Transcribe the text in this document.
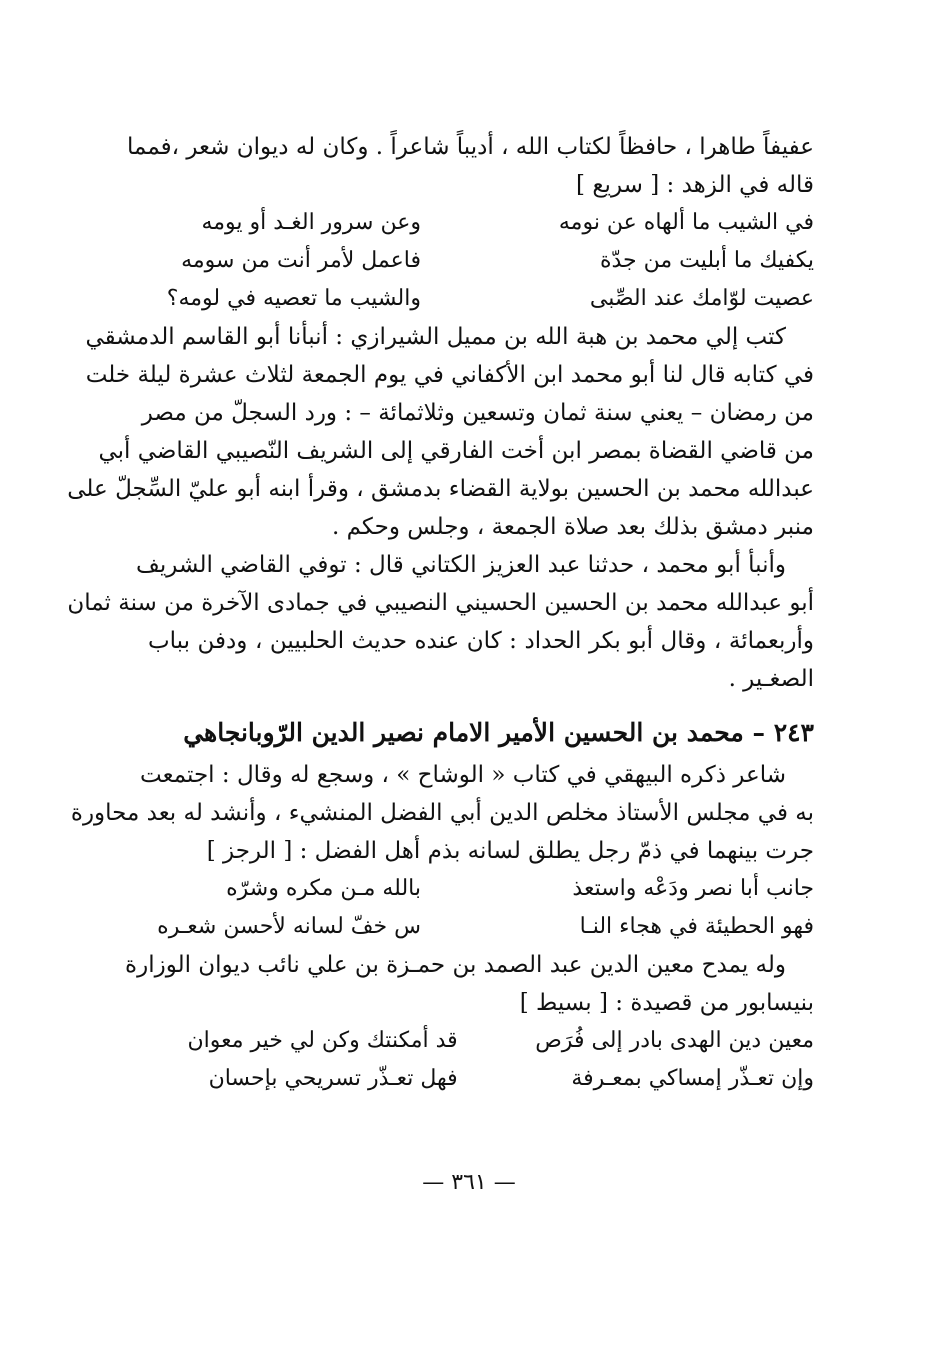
عفيفاً طاهرا ، حافظاً لكتاب الله ، أديباً شاعراً . وكان له ديوان شعر ،فمما
قاله في الزهد : [ سريع ]
في الشيب ما ألهاه عن نومه
وعن سرور الغـد أو يومه
يكفيك ما أبليت من جدّة
فاعمل لأمر أنت من سومه
عصيت لوّامك عند الصِّبى
والشيب ما تعصيه في لومه؟
كتب إلي محمد بن هبة الله بن مميل الشيرازي : أنبأنا أبو القاسم الدمشقي
في كتابه قال لنا أبو محمد ابن الأكفاني في يوم الجمعة لثلاث عشرة ليلة خلت
من رمضان – يعني سنة ثمان وتسعين وثلاثمائة – : ورد السجلّ من مصر
من قاضي القضاة بمصر ابن أخت الفارقي إلى الشريف النّصيبي القاضي أبي
عبدالله محمد بن الحسين بولاية القضاء بدمشق ، وقرأ ابنه أبو عليّ السِّجلّ على
منبر دمشق بذلك بعد صلاة الجمعة ، وجلس وحكم .
وأنبأ أبو محمد ، حدثنا عبد العزيز الكتاني قال : توفي القاضي الشريف
أبو عبدالله محمد بن الحسين الحسيني النصيبي في جمادى الآخرة من سنة ثمان
وأربعمائة ، وقال أبو بكر الحداد : كان عنده حديث الحلبيين ، ودفن بباب
الصغـير .
٢٤٣ – محمد بن الحسين الأمير الامام نصير الدين الرّوبانجاهي
شاعر ذكره البيهقي في كتاب « الوشاح » ، وسجع له وقال : اجتمعت
به في مجلس الأستاذ مخلص الدين أبي الفضل المنشيء ، وأنشد له بعد محاورة
جرت بينهما في ذمّ رجل يطلق لسانه بذم أهل الفضل : [ الرجز ]
جانب أبا نصر ودَعْه واستعذ
بالله مـن مكره وشرّه
فهو الحطيئة في هجاء النـا
س خفّ لسانه لأحسن شعـره
وله يمدح معين الدين عبد الصمد بن حمـزة بن علي نائب ديوان الوزارة
بنيسابور من قصيدة : [ بسيط ]
معين دين الهدى بادر إلى فُرَص
قد أمكنتك وكن لي خير معوان
وإن تعـذّر إمساكي بمعـرفة
فهل تعـذّر تسريحي بإحسان
— ٣٦١ —
